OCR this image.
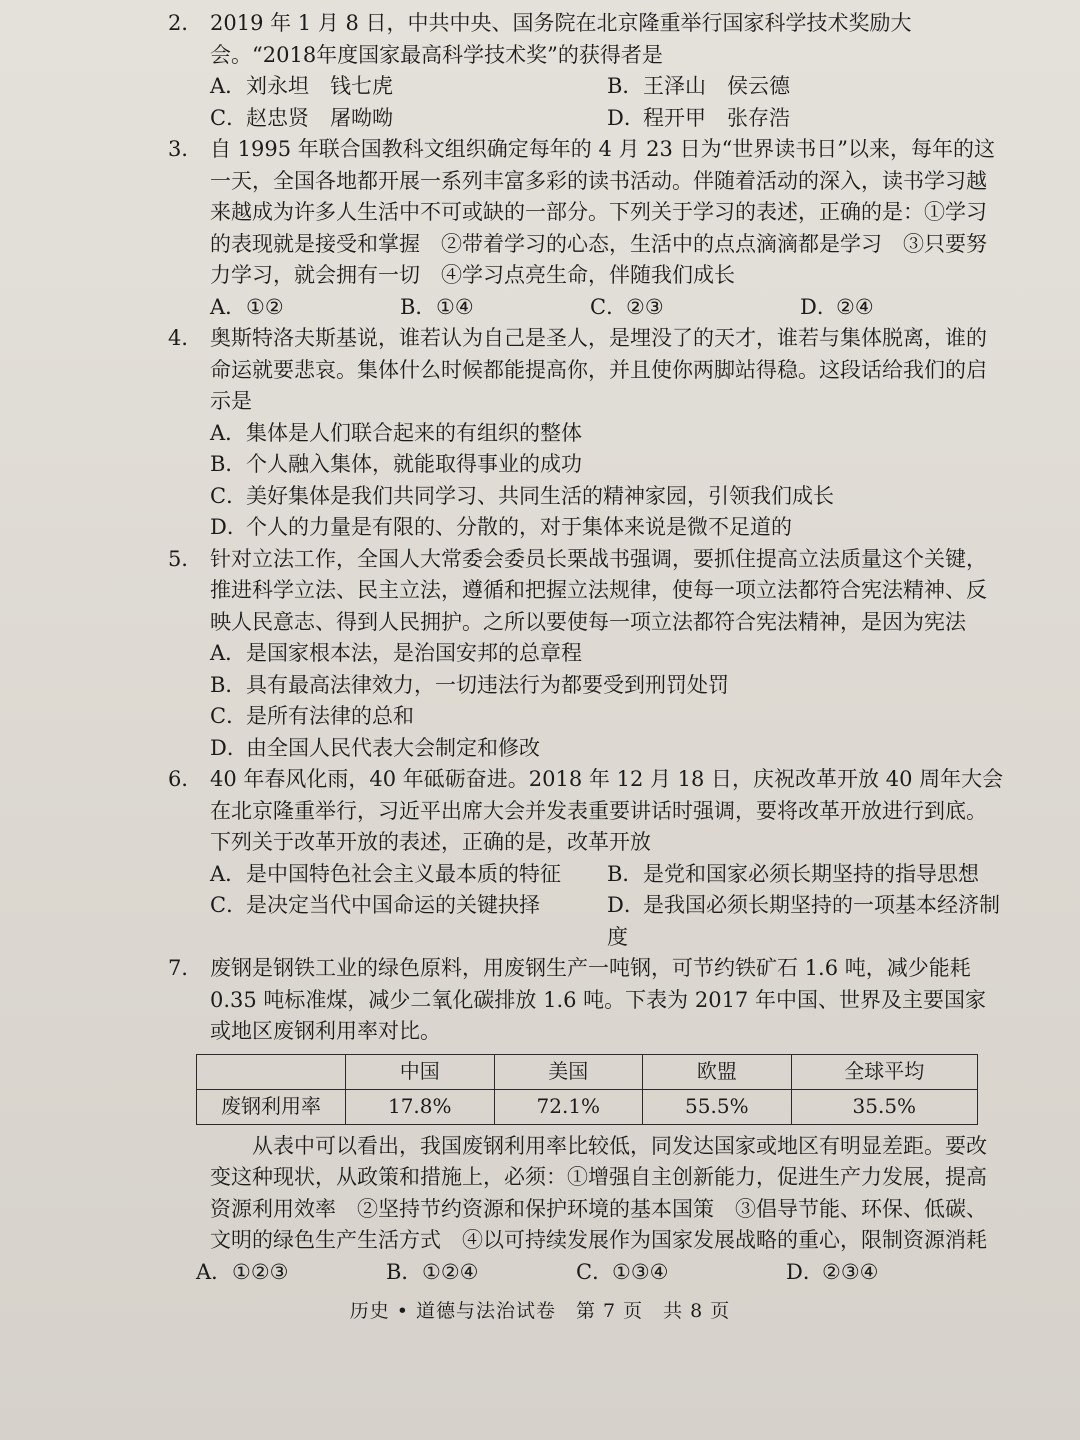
2． 2019 年 1 月 8 日，中共中央、国务院在北京隆重举行国家科学技术奖励大会。“2018年度国家最高科学技术奖”的获得者是

A．刘永坦　钱七虎	B．王泽山　侯云德
C．赵忠贤　屠呦呦	D．程开甲　张存浩
3． 自 1995 年联合国教科文组织确定每年的 4 月 23 日为“世界读书日”以来，每年的这一天，全国各地都开展一系列丰富多彩的读书活动。伴随着活动的深入，读书学习越来越成为许多人生活中不可或缺的一部分。下列关于学习的表述，正确的是：①学习的表现就是接受和掌握　②带着学习的心态，生活中的点点滴滴都是学习　③只要努力学习，就会拥有一切　④学习点亮生命，伴随我们成长

A．①②	B．①④	C．②③	D．②④
4． 奥斯特洛夫斯基说，谁若认为自己是圣人，是埋没了的天才，谁若与集体脱离，谁的命运就要悲哀。集体什么时候都能提高你，并且使你两脚站得稳。这段话给我们的启示是

A．集体是人们联合起来的有组织的整体
B．个人融入集体，就能取得事业的成功
C．美好集体是我们共同学习、共同生活的精神家园，引领我们成长
D．个人的力量是有限的、分散的，对于集体来说是微不足道的
5． 针对立法工作，全国人大常委会委员长栗战书强调，要抓住提高立法质量这个关键，推进科学立法、民主立法，遵循和把握立法规律，使每一项立法都符合宪法精神、反映人民意志、得到人民拥护。之所以要使每一项立法都符合宪法精神，是因为宪法

A．是国家根本法，是治国安邦的总章程
B．具有最高法律效力，一切违法行为都要受到刑罚处罚
C．是所有法律的总和
D．由全国人民代表大会制定和修改
6． 40 年春风化雨，40 年砥砺奋进。2018 年 12 月 18 日，庆祝改革开放 40 周年大会在北京隆重举行，习近平出席大会并发表重要讲话时强调，要将改革开放进行到底。下列关于改革开放的表述，正确的是，改革开放

A．是中国特色社会主义最本质的特征	B．是党和国家必须长期坚持的指导思想
C．是决定当代中国命运的关键抉择	D．是我国必须长期坚持的一项基本经济制度
7． 废钢是钢铁工业的绿色原料，用废钢生产一吨钢，可节约铁矿石 1.6 吨，减少能耗 0.35 吨标准煤，减少二氧化碳排放 1.6 吨。下表为 2017 年中国、世界及主要国家或地区废钢利用率对比。

	中国	美国	欧盟	全球平均
废钢利用率	17.8%	72.1%	55.5%	35.5%

从表中可以看出，我国废钢利用率比较低，同发达国家或地区有明显差距。要改变这种现状，从政策和措施上，必须：①增强自主创新能力，促进生产力发展，提高资源利用效率　②坚持节约资源和保护环境的基本国策　③倡导节能、环保、低碳、文明的绿色生产生活方式　④以可持续发展作为国家发展战略的重心，限制资源消耗

A．①②③	B．①②④	C．①③④	D．②③④
历史 • 道德与法治试卷　第 7 页　共 8 页
